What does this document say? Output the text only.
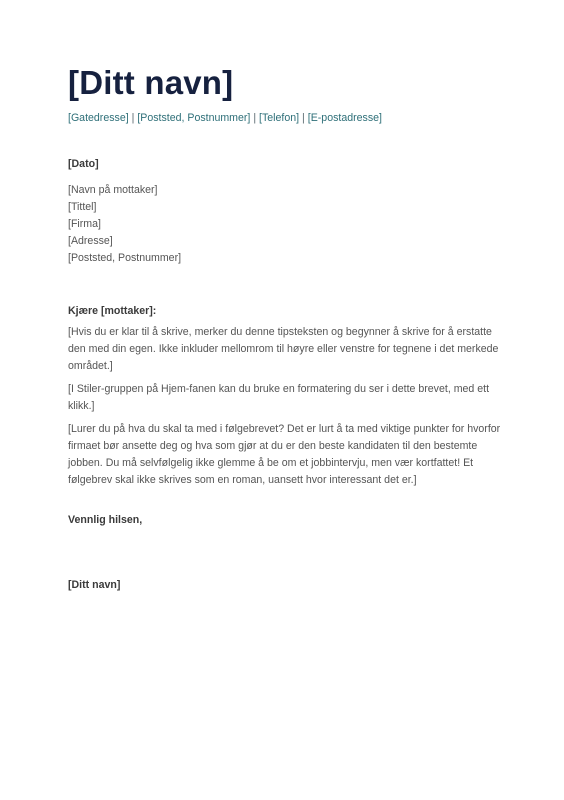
[Ditt navn]
[Gatedresse] | [Poststed, Postnummer] | [Telefon] | [E-postadresse]
[Dato]
[Navn på mottaker]
[Tittel]
[Firma]
[Adresse]
[Poststed, Postnummer]
Kjære [mottaker]:

[Hvis du er klar til å skrive, merker du denne tipsteksten og begynner å skrive for å erstatte den med din egen. Ikke inkluder mellomrom til høyre eller venstre for tegnene i det merkede området.]

[I Stiler-gruppen på Hjem-fanen kan du bruke en formatering du ser i dette brevet, med ett klikk.]

[Lurer du på hva du skal ta med i følgebrevet? Det er lurt å ta med viktige punkter for hvorfor firmaet bør ansette deg og hva som gjør at du er den beste kandidaten til den bestemte jobben. Du må selvfølgelig ikke glemme å be om et jobbintervju, men vær kortfattet! Et følgebrev skal ikke skrives som en roman, uansett hvor interessant det er.]

Vennlig hilsen,
[Ditt navn]
